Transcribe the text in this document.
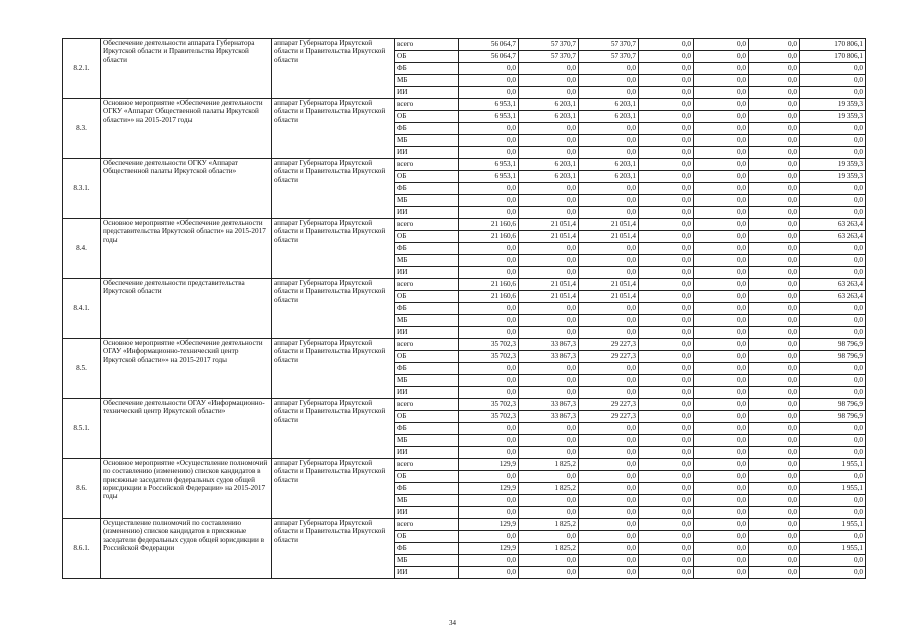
8.2.1.	Обеспечение деятельности аппарата Губернатора Иркутской области и Правительства Иркутской области	аппарат Губернатора Иркутской области и Правительства Иркутской области	всего	56 064,7	57 370,7	57 370,7	0,0	0,0	0,0	170 806,1
			ОБ	56 064,7	57 370,7	57 370,7	0,0	0,0	0,0	170 806,1
			ФБ	0,0	0,0	0,0	0,0	0,0	0,0	0,0
			МБ	0,0	0,0	0,0	0,0	0,0	0,0	0,0
			ИИ	0,0	0,0	0,0	0,0	0,0	0,0	0,0
8.3.	Основное мероприятие «Обеспечение деятельности ОГКУ «Аппарат Общественной палаты Иркутской области»» на 2015-2017 годы	аппарат Губернатора Иркутской области и Правительства Иркутской области	всего	6 953,1	6 203,1	6 203,1	0,0	0,0	0,0	19 359,3
			ОБ	6 953,1	6 203,1	6 203,1	0,0	0,0	0,0	19 359,3
			ФБ	0,0	0,0	0,0	0,0	0,0	0,0	0,0
			МБ	0,0	0,0	0,0	0,0	0,0	0,0	0,0
			ИИ	0,0	0,0	0,0	0,0	0,0	0,0	0,0
8.3.1.	Обеспечение деятельности ОГКУ «Аппарат Общественной палаты Иркутской области»	аппарат Губернатора Иркутской области и Правительства Иркутской области	всего	6 953,1	6 203,1	6 203,1	0,0	0,0	0,0	19 359,3
			ОБ	6 953,1	6 203,1	6 203,1	0,0	0,0	0,0	19 359,3
			ФБ	0,0	0,0	0,0	0,0	0,0	0,0	0,0
			МБ	0,0	0,0	0,0	0,0	0,0	0,0	0,0
			ИИ	0,0	0,0	0,0	0,0	0,0	0,0	0,0
8.4.	Основное мероприятие «Обеспечение деятельности представительства Иркутской области» на 2015-2017 годы	аппарат Губернатора Иркутской области и Правительства Иркутской области	всего	21 160,6	21 051,4	21 051,4	0,0	0,0	0,0	63 263,4
			ОБ	21 160,6	21 051,4	21 051,4	0,0	0,0	0,0	63 263,4
			ФБ	0,0	0,0	0,0	0,0	0,0	0,0	0,0
			МБ	0,0	0,0	0,0	0,0	0,0	0,0	0,0
			ИИ	0,0	0,0	0,0	0,0	0,0	0,0	0,0
8.4.1.	Обеспечение деятельности представительства Иркутской области	аппарат Губернатора Иркутской области и Правительства Иркутской области	всего	21 160,6	21 051,4	21 051,4	0,0	0,0	0,0	63 263,4
			ОБ	21 160,6	21 051,4	21 051,4	0,0	0,0	0,0	63 263,4
			ФБ	0,0	0,0	0,0	0,0	0,0	0,0	0,0
			МБ	0,0	0,0	0,0	0,0	0,0	0,0	0,0
			ИИ	0,0	0,0	0,0	0,0	0,0	0,0	0,0
8.5.	Основное мероприятие «Обеспечение деятельности ОГАУ «Информационно-технический центр Иркутской области»» на 2015-2017 годы	аппарат Губернатора Иркутской области и Правительства Иркутской области	всего	35 702,3	33 867,3	29 227,3	0,0	0,0	0,0	98 796,9
			ОБ	35 702,3	33 867,3	29 227,3	0,0	0,0	0,0	98 796,9
			ФБ	0,0	0,0	0,0	0,0	0,0	0,0	0,0
			МБ	0,0	0,0	0,0	0,0	0,0	0,0	0,0
			ИИ	0,0	0,0	0,0	0,0	0,0	0,0	0,0
8.5.1.	Обеспечение деятельности ОГАУ «Информационно-технический центр Иркутской области»	аппарат Губернатора Иркутской области и Правительства Иркутской области	всего	35 702,3	33 867,3	29 227,3	0,0	0,0	0,0	98 796,9
			ОБ	35 702,3	33 867,3	29 227,3	0,0	0,0	0,0	98 796,9
			ФБ	0,0	0,0	0,0	0,0	0,0	0,0	0,0
			МБ	0,0	0,0	0,0	0,0	0,0	0,0	0,0
			ИИ	0,0	0,0	0,0	0,0	0,0	0,0	0,0
8.6.	Основное мероприятие «Осуществление полномочий по составлению (изменению) списков кандидатов в присяжные заседатели федеральных судов общей юрисдикции в Российской Федерации» на 2015-2017 годы	аппарат Губернатора Иркутской области и Правительства Иркутской области	всего	129,9	1 825,2	0,0	0,0	0,0	0,0	1 955,1
			ОБ	0,0	0,0	0,0	0,0	0,0	0,0	0,0
			ФБ	129,9	1 825,2	0,0	0,0	0,0	0,0	1 955,1
			МБ	0,0	0,0	0,0	0,0	0,0	0,0	0,0
			ИИ	0,0	0,0	0,0	0,0	0,0	0,0	0,0
8.6.1.	Осуществление полномочий по составлению (изменению) списков кандидатов в присяжные заседатели федеральных судов общей юрисдикции в Российской Федерации	аппарат Губернатора Иркутской области и Правительства Иркутской области	всего	129,9	1 825,2	0,0	0,0	0,0	0,0	1 955,1
			ОБ	0,0	0,0	0,0	0,0	0,0	0,0	0,0
			ФБ	129,9	1 825,2	0,0	0,0	0,0	0,0	1 955,1
			МБ	0,0	0,0	0,0	0,0	0,0	0,0	0,0
			ИИ	0,0	0,0	0,0	0,0	0,0	0,0	0,0
34
